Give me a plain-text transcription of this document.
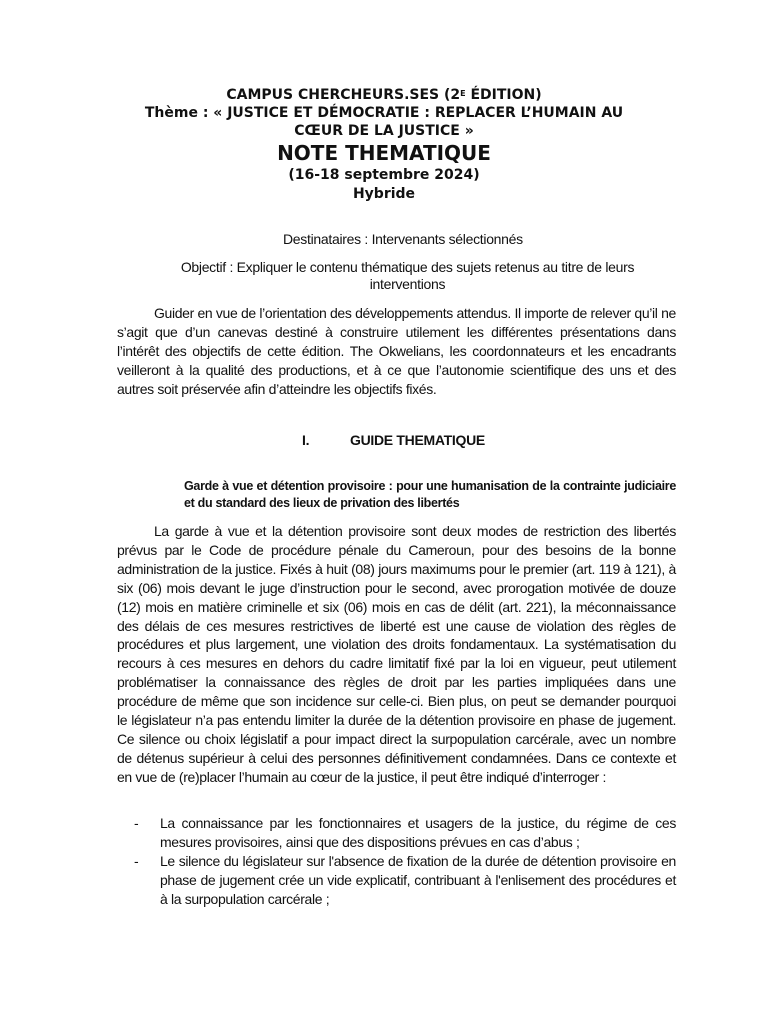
CAMPUS CHERCHEURS.SES ($2^E$ ÉDITION)
Thème : « JUSTICE ET DÉMOCRATIE : REPLACER L’HUMAIN AU
CŒUR DE LA JUSTICE »
NOTE THEMATIQUE
(16-18 septembre 2024)
Hybride
Destinataires : Intervenants sélectionnés
Objectif : Expliquer le contenu thématique des sujets retenus au titre de leurs
interventions
Guider en vue de l’orientation des développements attendus. Il importe de relever qu’il ne s’agit que d’un canevas destiné à construire utilement les différentes présentations dans l’intérêt des objectifs de cette édition. The Okwelians, les coordonnateurs et les encadrants veilleront à la qualité des productions, et à ce que l’autonomie scientifique des uns et des autres soit préservée afin d’atteindre les objectifs fixés.
I.	GUIDE THEMATIQUE
Garde à vue et détention provisoire : pour une humanisation de la contrainte judiciaire et du standard des lieux de privation des libertés
La garde à vue et la détention provisoire sont deux modes de restriction des libertés prévus par le Code de procédure pénale du Cameroun, pour des besoins de la bonne administration de la justice. Fixés à huit (08) jours maximums pour le premier (art. 119 à 121), à six (06) mois devant le juge d’instruction pour le second, avec prorogation motivée de douze (12) mois en matière criminelle et six (06) mois en cas de délit (art. 221), la méconnaissance des délais de ces mesures restrictives de liberté est une cause de violation des règles de procédures et plus largement, une violation des droits fondamentaux. La systématisation du recours à ces mesures en dehors du cadre limitatif fixé par la loi en vigueur, peut utilement problématiser la connaissance des règles de droit par les parties impliquées dans une procédure de même que son incidence sur celle-ci. Bien plus, on peut se demander pourquoi le législateur n’a pas entendu limiter la durée de la détention provisoire en phase de jugement. Ce silence ou choix législatif a pour impact direct la surpopulation carcérale, avec un nombre de détenus supérieur à celui des personnes définitivement condamnées. Dans ce contexte et en vue de (re)placer l’humain au cœur de la justice, il peut être indiqué d’interroger :
-	La connaissance par les fonctionnaires et usagers de la justice, du régime de ces mesures provisoires, ainsi que des dispositions prévues en cas d’abus ;
-	Le silence du législateur sur l'absence de fixation de la durée de détention provisoire en phase de jugement crée un vide explicatif, contribuant à l'enlisement des procédures et à la surpopulation carcérale ;
